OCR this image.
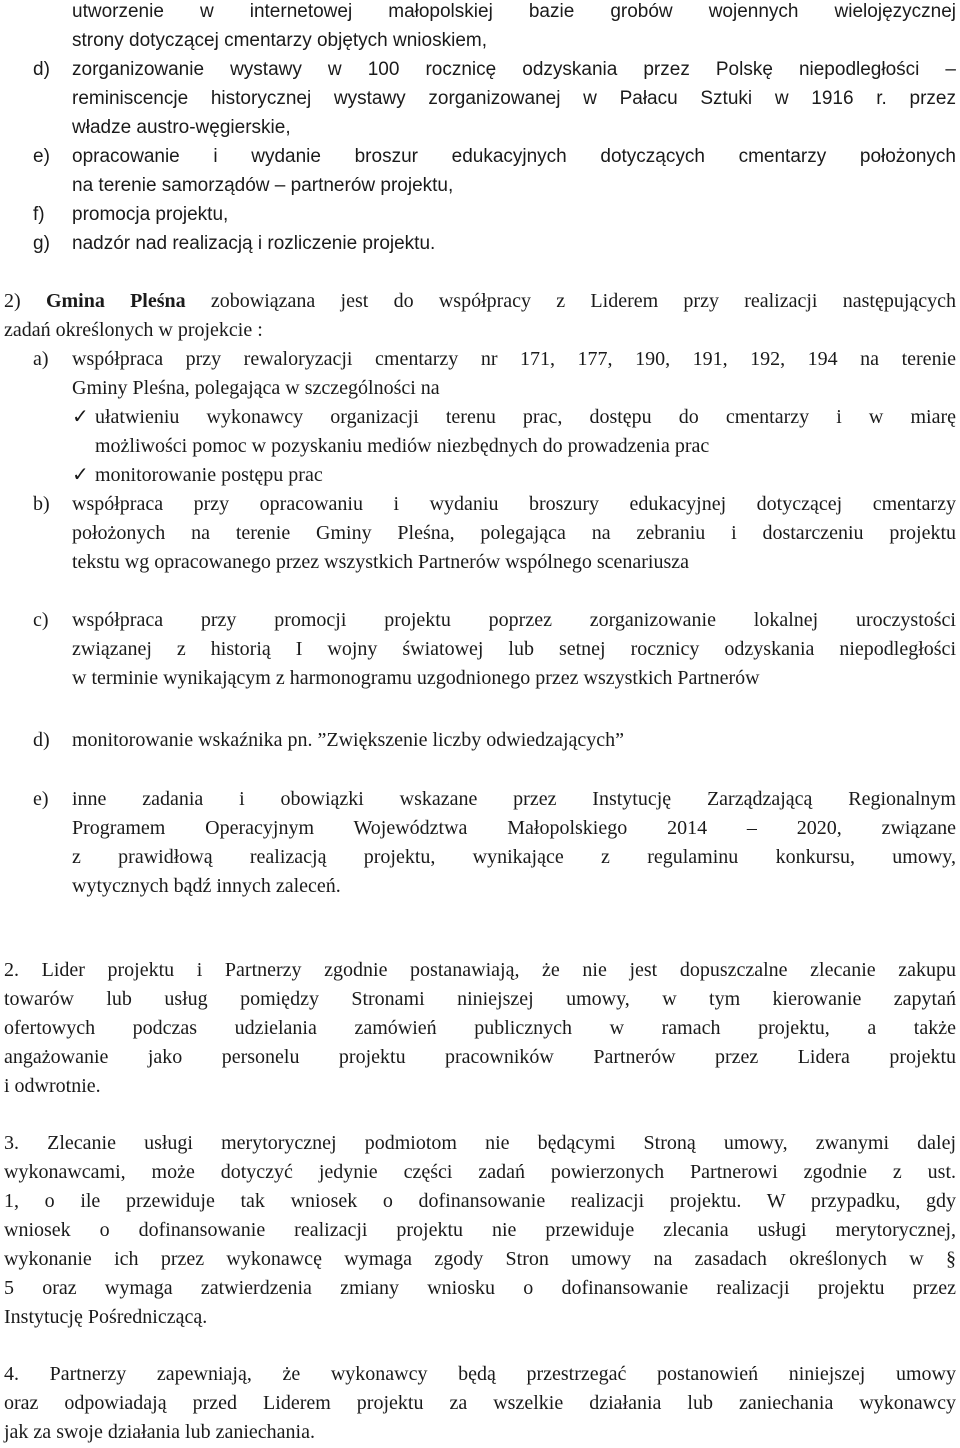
utworzenie w internetowej małopolskiej bazie grobów wojennych wielojęzycznej
strony dotyczącej cmentarzy objętych wnioskiem,
d) zorganizowanie wystawy w 100 rocznicę odzyskania przez Polskę niepodległości –
reminiscencje historycznej wystawy zorganizowanej w Pałacu Sztuki w 1916 r. przez
władze austro-węgierskie,
e) opracowanie i wydanie broszur edukacyjnych dotyczących cmentarzy położonych
na terenie samorządów – partnerów projektu,
f) promocja projektu,
g) nadzór nad realizacją i rozliczenie projektu.
2) Gmina Pleśna zobowiązana jest do współpracy z Liderem przy realizacji następujących
zadań określonych w projekcie :
a) współpraca przy rewaloryzacji cmentarzy nr 171, 177, 190, 191, 192, 194 na terenie
Gminy Pleśna, polegająca w szczególności na
✓ ułatwieniu wykonawcy organizacji terenu prac, dostępu do cmentarzy i w miarę
możliwości pomoc w pozyskaniu mediów niezbędnych do prowadzenia prac
✓ monitorowanie postępu prac
b) współpraca przy opracowaniu i wydaniu broszury edukacyjnej dotyczącej cmentarzy
położonych na terenie Gminy Pleśna, polegająca na zebraniu i dostarczeniu projektu
tekstu wg opracowanego przez wszystkich Partnerów wspólnego scenariusza
c) współpraca przy promocji projektu poprzez zorganizowanie lokalnej uroczystości
związanej z historią I wojny światowej lub setnej rocznicy odzyskania niepodległości
w terminie wynikającym z harmonogramu uzgodnionego przez wszystkich Partnerów
d) monitorowanie wskaźnika pn. ”Zwiększenie liczby odwiedzających”
e) inne zadania i obowiązki wskazane przez Instytucję Zarządzającą Regionalnym
Programem Operacyjnym Województwa Małopolskiego 2014 – 2020, związane
z prawidłową realizacją projektu, wynikające z regulaminu konkursu, umowy,
wytycznych bądź innych zaleceń.
2. Lider projektu i Partnerzy zgodnie postanawiają, że nie jest dopuszczalne zlecanie zakupu
towarów lub usług pomiędzy Stronami niniejszej umowy, w tym kierowanie zapytań
ofertowych podczas udzielania zamówień publicznych w ramach projektu, a także
angażowanie jako personelu projektu pracowników Partnerów przez Lidera projektu
i odwrotnie.
3. Zlecanie usługi merytorycznej podmiotom nie będącymi Stroną umowy, zwanymi dalej
wykonawcami, może dotyczyć jedynie części zadań powierzonych Partnerowi zgodnie z ust.
1, o ile przewiduje tak wniosek o dofinansowanie realizacji projektu. W przypadku, gdy
wniosek o dofinansowanie realizacji projektu nie przewiduje zlecania usługi merytorycznej,
wykonanie ich przez wykonawcę wymaga zgody Stron umowy na zasadach określonych w §
5 oraz wymaga zatwierdzenia zmiany wniosku o dofinansowanie realizacji projektu przez
Instytucję Pośredniczącą.
4. Partnerzy zapewniają, że wykonawcy będą przestrzegać postanowień niniejszej umowy
oraz odpowiadają przed Liderem projektu za wszelkie działania lub zaniechania wykonawcy
jak za swoje działania lub zaniechania.
